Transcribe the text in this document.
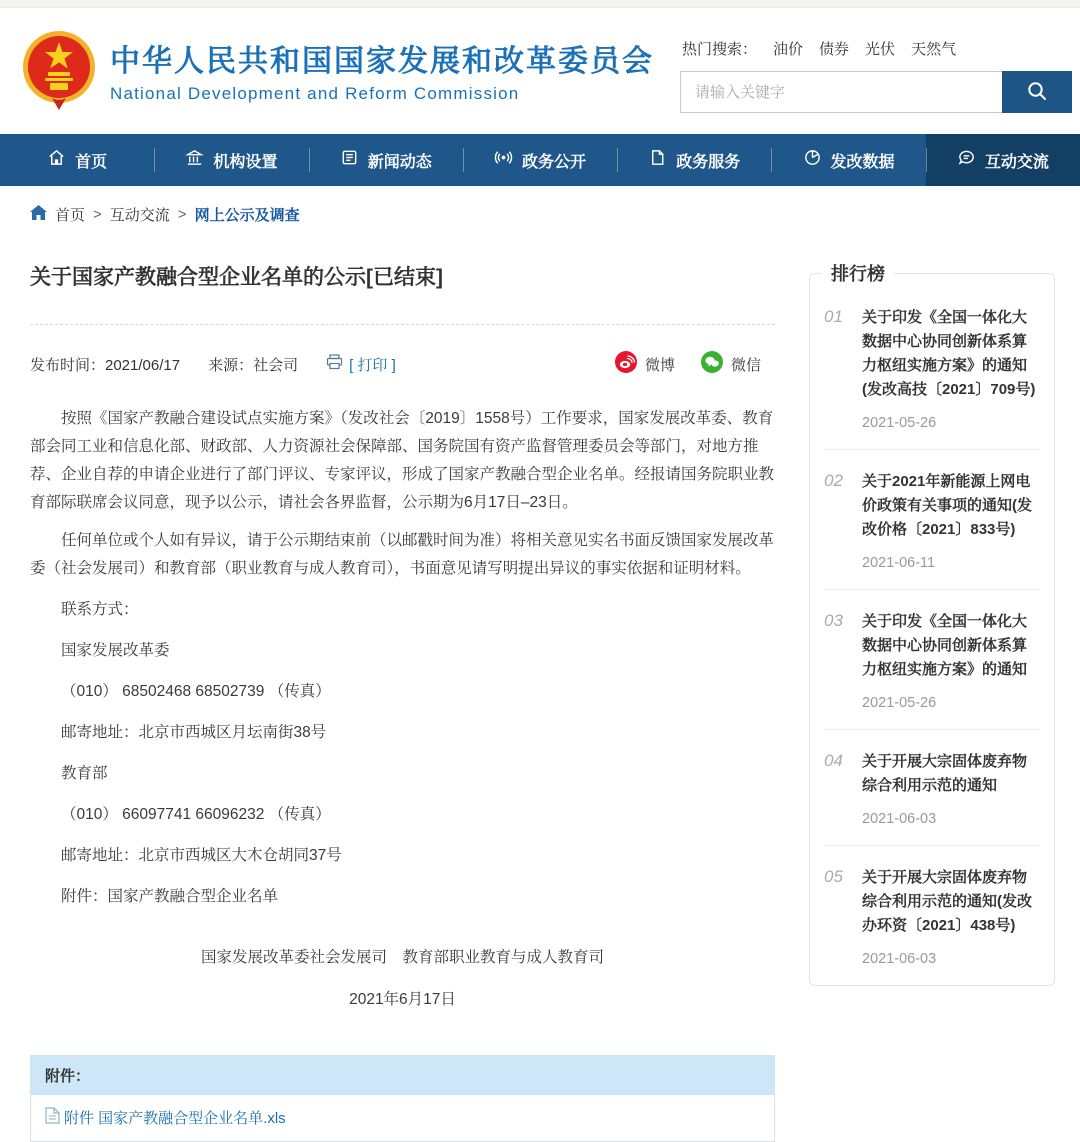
中华人民共和国国家发展和改革委员会
National Development and Reform Commission
热门搜索： 油价 债券 光伏 天然气
请输入关键字
首页	机构设置	新闻动态	政务公开	政务服务	发改数据	互动交流
首页 > 互动交流 > 网上公示及调查
关于国家产教融合型企业名单的公示[已结束]
发布时间：2021/06/17 来源：社会司	[ 打印 ]	微博	微信

按照《国家产教融合建设试点实施方案》（发改社会〔2019〕1558号）工作要求，国家发展改革委、教育部会同工业和信息化部、财政部、人力资源社会保障部、国务院国有资产监督管理委员会等部门，对地方推荐、企业自荐的申请企业进行了部门评议、专家评议，形成了国家产教融合型企业名单。经报请国务院职业教育部际联席会议同意，现予以公示，请社会各界监督，公示期为6月17日–23日。

任何单位或个人如有异议，请于公示期结束前（以邮戳时间为准）将相关意见实名书面反馈国家发展改革委（社会发展司）和教育部（职业教育与成人教育司），书面意见请写明提出异议的事实依据和证明材料。

联系方式：

国家发展改革委

（010） 68502468 68502739 （传真）

邮寄地址：北京市西城区月坛南街38号

教育部

（010） 66097741 66096232 （传真）

邮寄地址：北京市西城区大木仓胡同37号

附件：国家产教融合型企业名单

国家发展改革委社会发展司　教育部职业教育与成人教育司
2021年6月17日
附件：
附件 国家产教融合型企业名单.xls
排行榜
01	关于印发《全国一体化大数据中心协同创新体系算力枢纽实施方案》的通知(发改高技〔2021〕709号)
2021-05-26
02	关于2021年新能源上网电价政策有关事项的通知(发改价格〔2021〕833号)
2021-06-11
03	关于印发《全国一体化大数据中心协同创新体系算力枢纽实施方案》的通知
2021-05-26
04	关于开展大宗固体废弃物综合利用示范的通知
2021-06-03
05	关于开展大宗固体废弃物综合利用示范的通知(发改办环资〔2021〕438号)
2021-06-03
